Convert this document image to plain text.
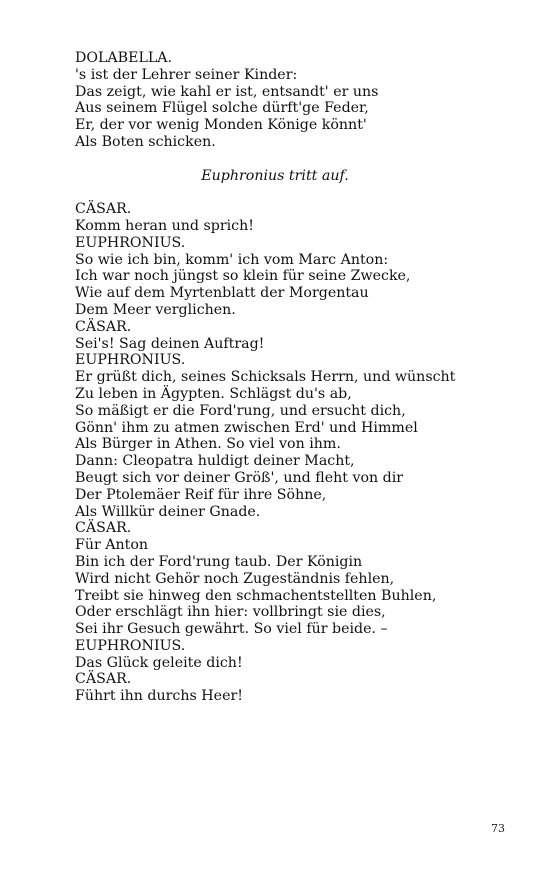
DOLABELLA.
's ist der Lehrer seiner Kinder:
Das zeigt, wie kahl er ist, entsandt' er uns
Aus seinem Flügel solche dürft'ge Feder,
Er, der vor wenig Monden Könige könnt'
Als Boten schicken.
Euphronius tritt auf.
CÄSAR.
Komm heran und sprich!
EUPHRONIUS.
So wie ich bin, komm' ich vom Marc Anton:
Ich war noch jüngst so klein für seine Zwecke,
Wie auf dem Myrtenblatt der Morgentau
Dem Meer verglichen.
CÄSAR.
Sei's! Sag deinen Auftrag!
EUPHRONIUS.
Er grüßt dich, seines Schicksals Herrn, und wünscht
Zu leben in Ägypten. Schlägst du's ab,
So mäßigt er die Ford'rung, und ersucht dich,
Gönn' ihm zu atmen zwischen Erd' und Himmel
Als Bürger in Athen. So viel von ihm.
Dann: Cleopatra huldigt deiner Macht,
Beugt sich vor deiner Größ', und fleht von dir
Der Ptolemäer Reif für ihre Söhne,
Als Willkür deiner Gnade.
CÄSAR.
Für Anton
Bin ich der Ford'rung taub. Der Königin
Wird nicht Gehör noch Zugeständnis fehlen,
Treibt sie hinweg den schmachentstellten Buhlen,
Oder erschlägt ihn hier: vollbringt sie dies,
Sei ihr Gesuch gewährt. So viel für beide. –
EUPHRONIUS.
Das Glück geleite dich!
CÄSAR.
Führt ihn durchs Heer!
73
